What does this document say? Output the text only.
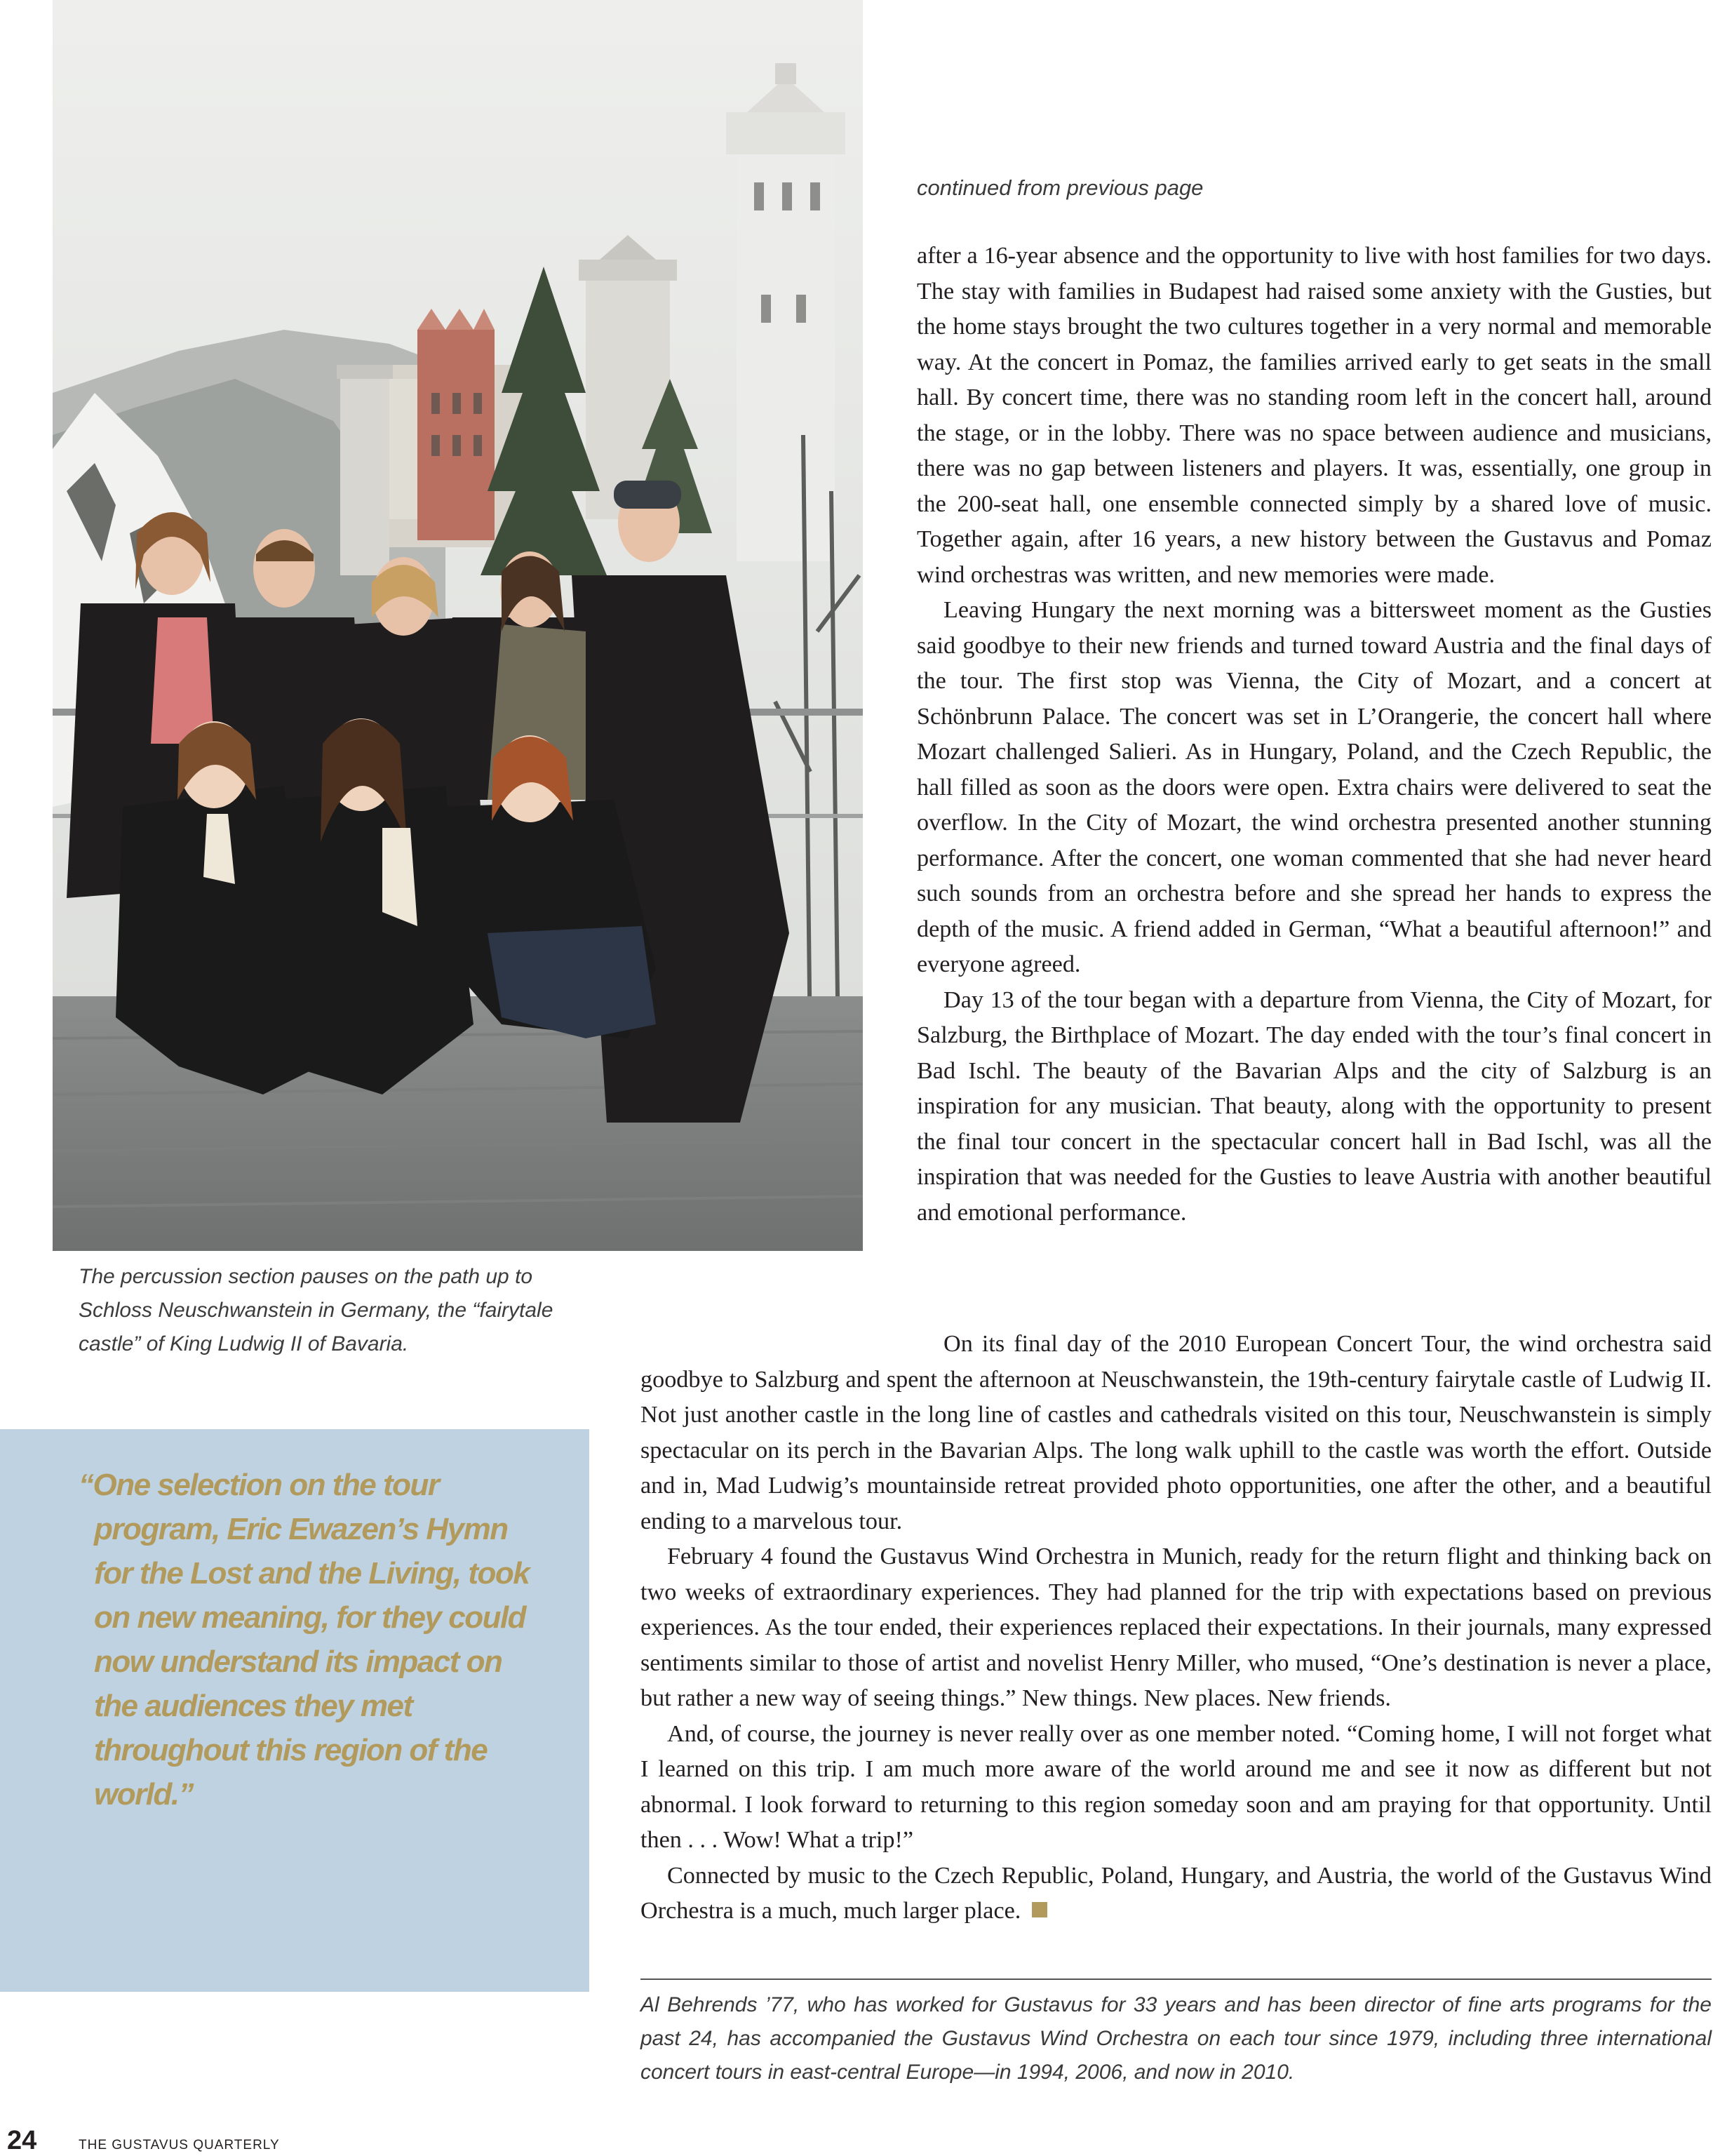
The percussion section pauses on the path up to Schloss Neuschwanstein in Germany, the “fairytale castle” of King Ludwig II of Bavaria.

“One selection on the tour program, Eric Ewazen’s Hymn for the Lost and the Living, took on new meaning, for they could now understand its impact on the audiences they met throughout this region of the world.”

continued from previous page

after a 16-year absence and the opportunity to live with host families for two days. The stay with families in Budapest had raised some anxiety with the Gusties, but the home stays brought the two cultures together in a very normal and memorable way. At the concert in Pomaz, the families arrived early to get seats in the small hall. By concert time, there was no standing room left in the concert hall, around the stage, or in the lobby. There was no space between audience and musicians, there was no gap between listeners and players. It was, essentially, one group in the 200-seat hall, one ensemble connected simply by a shared love of music. Together again, after 16 years, a new history between the Gustavus and Pomaz wind orchestras was written, and new memories were made.

Leaving Hungary the next morning was a bittersweet moment as the Gusties said goodbye to their new friends and turned toward Austria and the final days of the tour. The first stop was Vienna, the City of Mozart, and a concert at Schönbrunn Palace. The concert was set in L’Orangerie, the concert hall where Mozart challenged Salieri. As in Hungary, Poland, and the Czech Republic, the hall filled as soon as the doors were open. Extra chairs were delivered to seat the overflow. In the City of Mozart, the wind orchestra presented another stunning performance. After the concert, one woman commented that she had never heard such sounds from an orchestra before and she spread her hands to express the depth of the music. A friend added in German, “What a beautiful afternoon!” and everyone agreed.

Day 13 of the tour began with a departure from Vienna, the City of Mozart, for Salzburg, the Birthplace of Mozart. The day ended with the tour’s final concert in Bad Ischl. The beauty of the Bavarian Alps and the city of Salzburg is an inspiration for any musician. That beauty, along with the opportunity to present the final tour concert in the spectacular concert hall in Bad Ischl, was all the inspiration that was needed for the Gusties to leave Austria with another beautiful and emotional performance.

On its final day of the 2010 European Concert Tour, the wind orchestra said goodbye to Salzburg and spent the afternoon at Neuschwanstein, the 19th-century fairytale castle of Ludwig II. Not just another castle in the long line of castles and cathedrals visited on this tour, Neuschwanstein is simply spectacular on its perch in the Bavarian Alps. The long walk uphill to the castle was worth the effort. Outside and in, Mad Ludwig’s mountainside retreat provided photo opportunities, one after the other, and a beautiful ending to a marvelous tour.

February 4 found the Gustavus Wind Orchestra in Munich, ready for the return flight and thinking back on two weeks of extraordinary experiences. They had planned for the trip with expectations based on previous experiences. As the tour ended, their experiences replaced their expectations. In their journals, many expressed sentiments similar to those of artist and novelist Henry Miller, who mused, “One’s destination is never a place, but rather a new way of seeing things.” New things. New places. New friends.

And, of course, the journey is never really over as one member noted. “Coming home, I will not forget what I learned on this trip. I am much more aware of the world around me and see it now as different but not abnormal. I look forward to returning to this region someday soon and am praying for that opportunity. Until then . . . Wow! What a trip!”

Connected by music to the Czech Republic, Poland, Hungary, and Austria, the world of the Gustavus Wind Orchestra is a much, much larger place.

Al Behrends ’77, who has worked for Gustavus for 33 years and has been director of fine arts programs for the past 24, has accompanied the Gustavus Wind Orchestra on each tour since 1979, including three international concert tours in east-central Europe—in 1994, 2006, and now in 2010.

24	THE GUSTAVUS QUARTERLY
